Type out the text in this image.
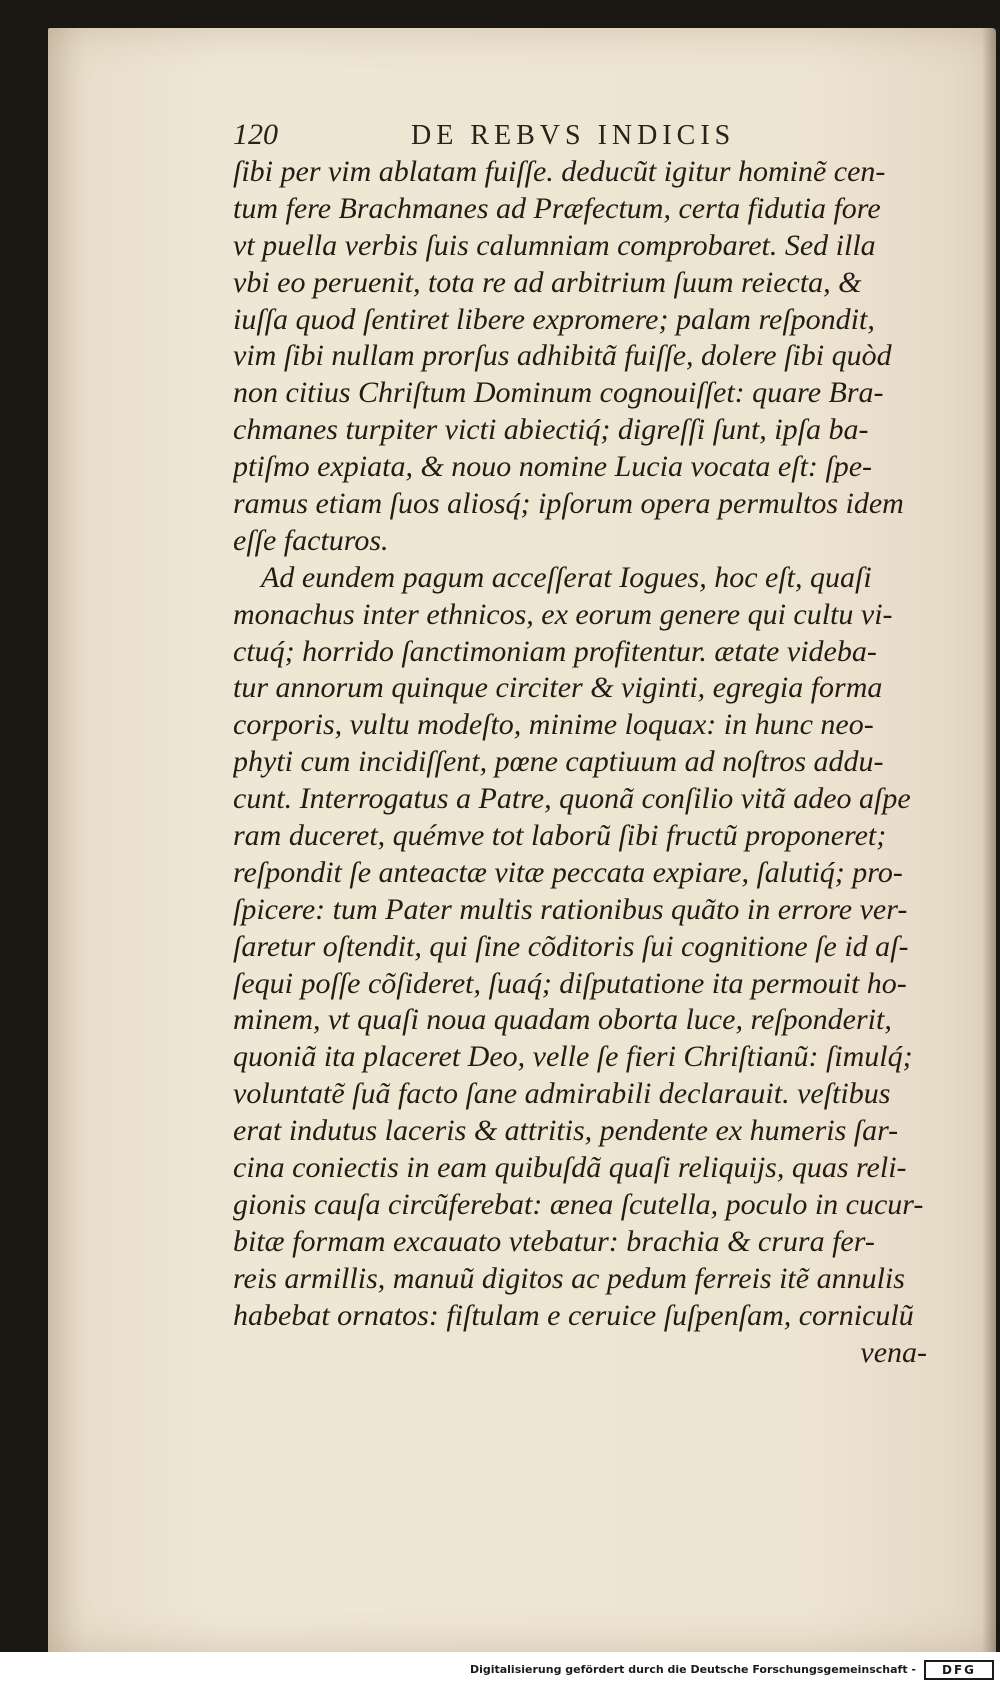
120	DE REBVS INDICIS
ſibi per vim ablatam fuiſſe. deducũt igitur hominẽ cen-
tum fere Brachmanes ad Præfectum, certa fidutia fore
vt puella verbis ſuis calumniam comprobaret. Sed illa
vbi eo peruenit, tota re ad arbitrium ſuum reiecta, &
iuſſa quod ſentiret libere expromere; palam reſpondit,
vim ſibi nullam prorſus adhibitã fuiſſe, dolere ſibi quòd
non citius Chriſtum Dominum cognouiſſet: quare Bra-
chmanes turpiter victi abiectiq́; digreſſi ſunt, ipſa ba-
ptiſmo expiata, & nouo nomine Lucia vocata eſt: ſpe-
ramus etiam ſuos aliosq́; ipſorum opera permultos idem
eſſe facturos.
Ad eundem pagum acceſſerat Iogues, hoc eſt, quaſi
monachus inter ethnicos, ex eorum genere qui cultu vi-
ctuq́; horrido ſanctimoniam profitentur. ætate videba-
tur annorum quinque circiter & viginti, egregia forma
corporis, vultu modeſto, minime loquax: in hunc neo-
phyti cum incidiſſent, pœne captiuum ad noſtros addu-
cunt. Interrogatus a Patre, quonã conſilio vitã adeo aſpe
ram duceret, quémve tot laborũ ſibi fructũ proponeret;
reſpondit ſe anteactæ vitæ peccata expiare, ſalutiq́; pro-
ſpicere: tum Pater multis rationibus quãto in errore ver-
ſaretur oſtendit, qui ſine cõditoris ſui cognitione ſe id aſ-
ſequi poſſe cõſideret, ſuaq́; diſputatione ita permouit ho-
minem, vt quaſi noua quadam oborta luce, reſponderit,
quoniã ita placeret Deo, velle ſe fieri Chriſtianũ: ſimulq́;
voluntatẽ ſuã facto ſane admirabili declarauit. veſtibus
erat indutus laceris & attritis, pendente ex humeris ſar-
cina coniectis in eam quibuſdã quaſi reliquijs, quas reli-
gionis cauſa circũferebat: ænea ſcutella, poculo in cucur-
bitæ formam excauato vtebatur: brachia & crura fer-
reis armillis, manuũ digitos ac pedum ferreis itẽ annulis
habebat ornatos: fiſtulam e ceruice ſuſpenſam, corniculũ
vena-
Digitalisierung gefördert durch die Deutsche Forschungsgemeinschaft -	DFG
